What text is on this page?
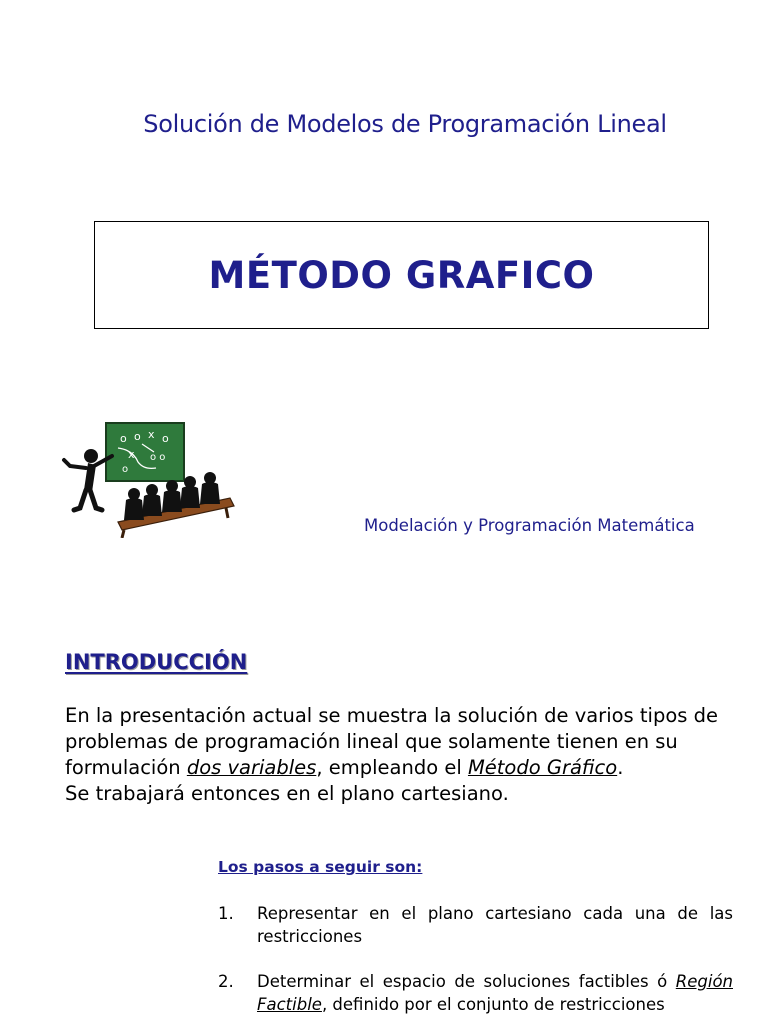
Solución de Modelos de Programación Lineal
MÉTODO GRAFICO
o o x o
x o o
o
Modelación y Programación Matemática
INTRODUCCIÓN
En la presentación actual se muestra la solución de varios tipos de problemas de programación lineal que solamente tienen en su formulación dos variables, empleando el Método Gráfico.
Se trabajará entonces en el plano cartesiano.
Los pasos a seguir son:
1. Representar en el plano cartesiano cada una de las restricciones
2. Determinar el espacio de soluciones factibles ó Región Factible, definido por el conjunto de restricciones
